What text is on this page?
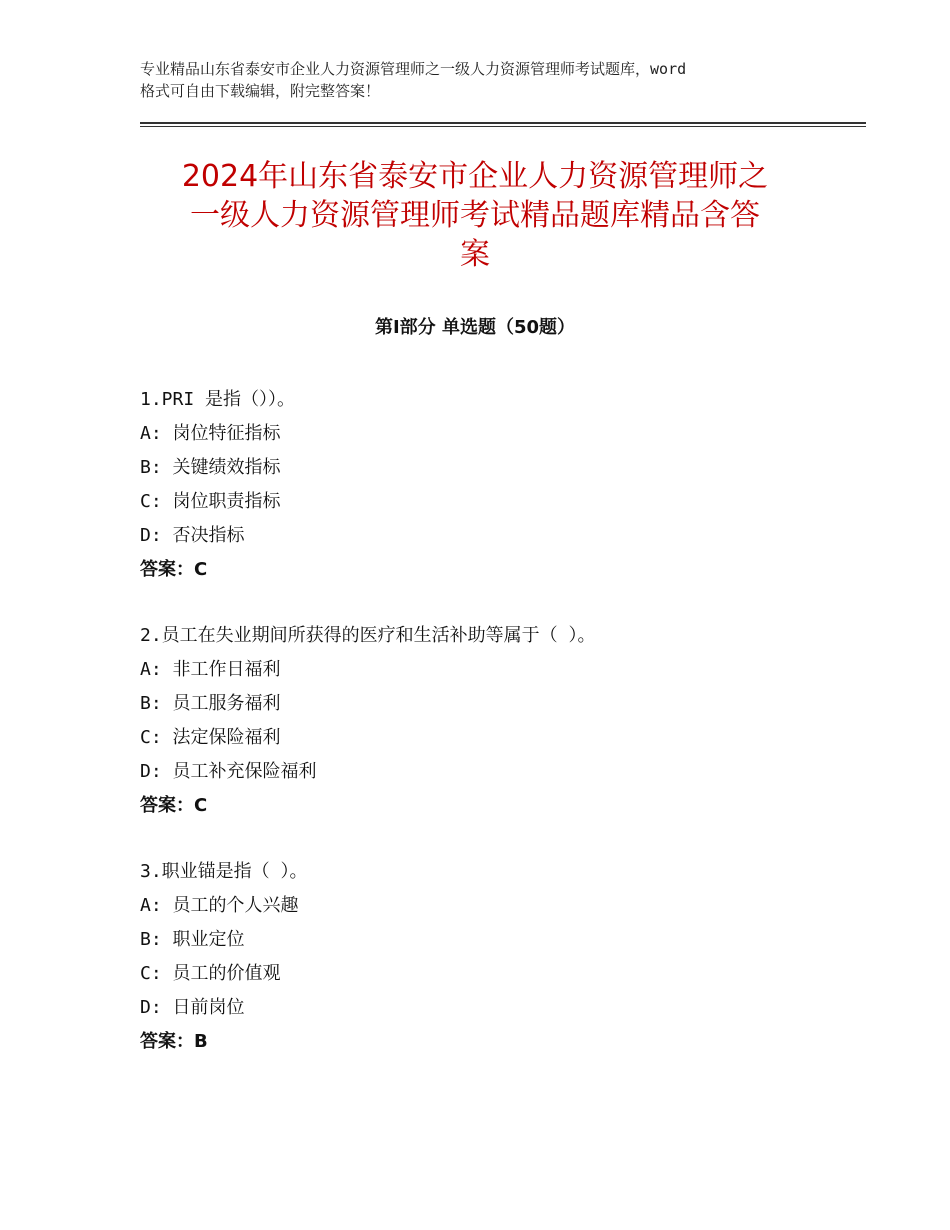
专业精品山东省泰安市企业人力资源管理师之一级人力资源管理师考试题库，word
格式可自由下载编辑，附完整答案！
2024年山东省泰安市企业人力资源管理师之
一级人力资源管理师考试精品题库精品含答
案
第Ⅰ部分 单选题（50题）
1.PRI 是指（））。
A: 岗位特征指标
B: 关键绩效指标
C: 岗位职责指标
D: 否决指标
答案：C
2.员工在失业期间所获得的医疗和生活补助等属于（ ）。
A: 非工作日福利
B: 员工服务福利
C: 法定保险福利
D: 员工补充保险福利
答案：C
3.职业锚是指（ ）。
A: 员工的个人兴趣
B: 职业定位
C: 员工的价值观
D: 日前岗位
答案：B
